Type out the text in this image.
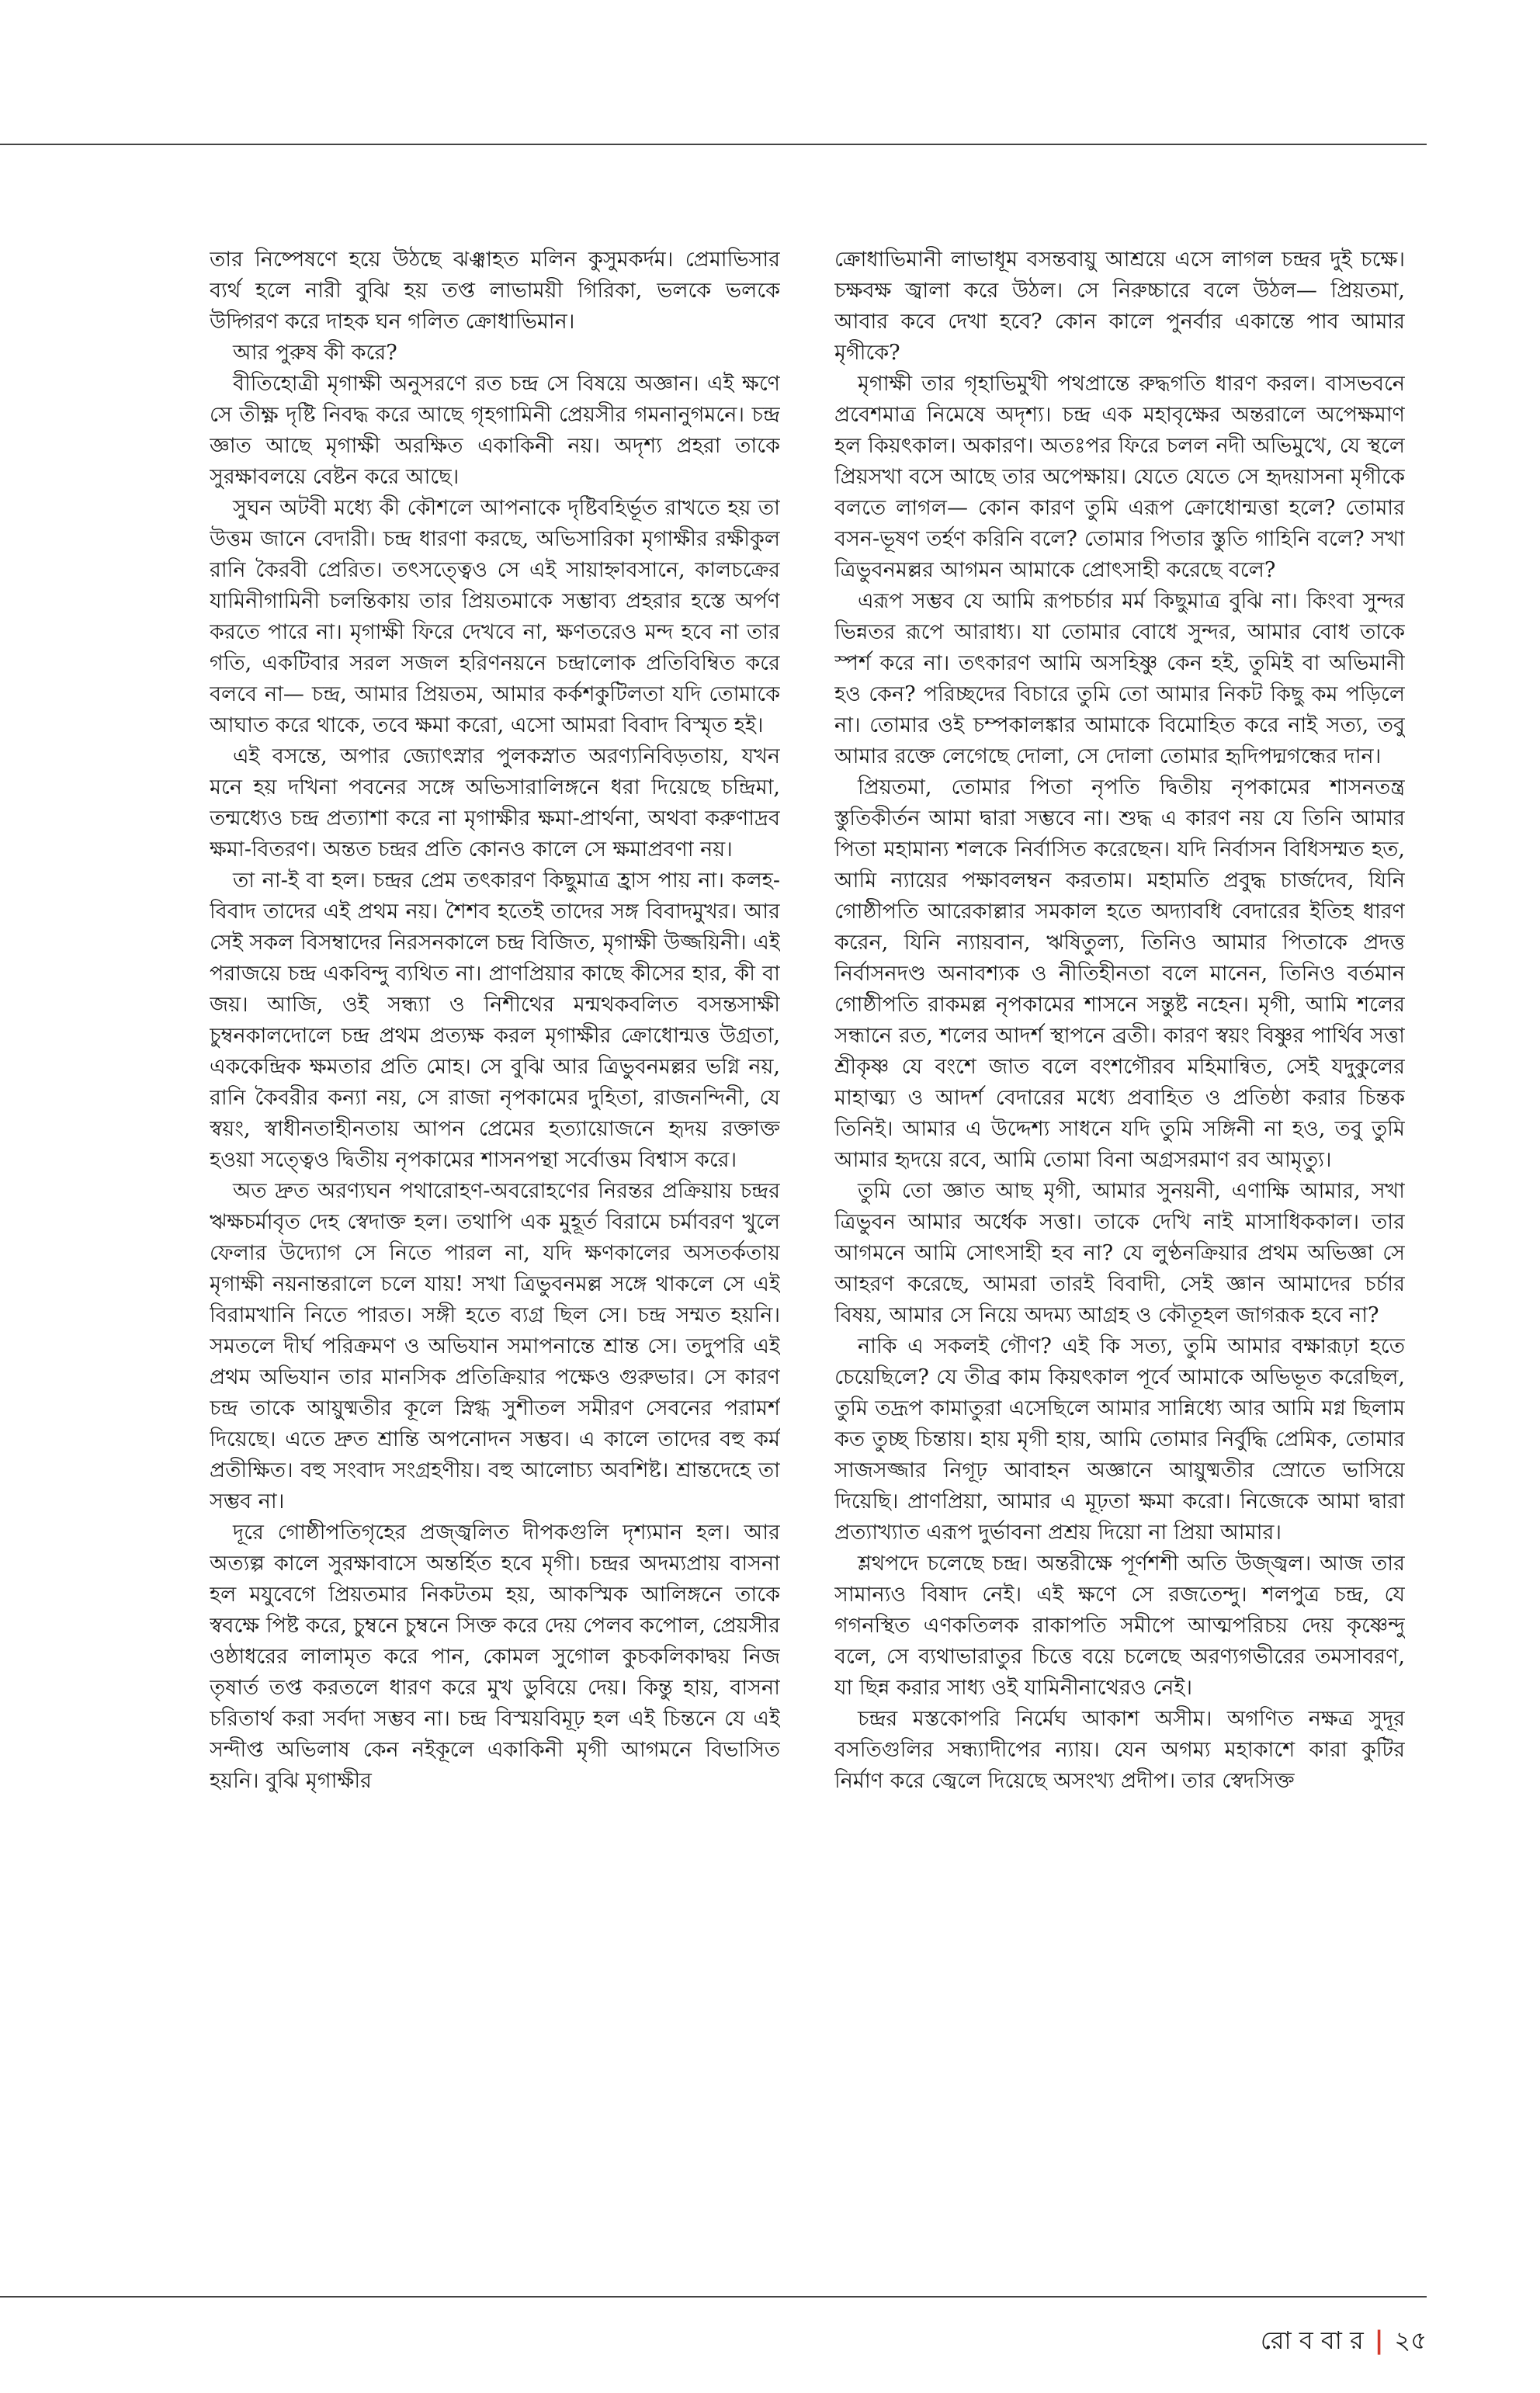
তার নিষ্পেষণে হয়ে উঠছে ঝঞ্ঝাহত মলিন কুসুমকর্দম। প্রেমাভিসার ব্যর্থ হলে নারী বুঝি হয় তপ্ত লাভাময়ী গিরিকা, ভলকে ভলকে উদ্গিরণ করে দাহক ঘন গলিত ক্রোধাভিমান।

আর পুরুষ কী করে?

বীতিহোত্রী মৃগাক্ষী অনুসরণে রত চন্দ্র সে বিষয়ে অজ্ঞান। এই ক্ষণে সে তীক্ষ্ণ দৃষ্টি নিবদ্ধ করে আছে গৃহগামিনী প্রেয়সীর গমনানুগমনে। চন্দ্র জ্ঞাত আছে মৃগাক্ষী অরক্ষিত একাকিনী নয়। অদৃশ্য প্রহরা তাকে সুরক্ষাবলয়ে বেষ্টন করে আছে।

সুঘন অটবী মধ্যে কী কৌশলে আপনাকে দৃষ্টিবহির্ভূত রাখতে হয় তা উত্তম জানে বেদারী। চন্দ্র ধারণা করছে, অভিসারিকা মৃগাক্ষীর রক্ষীকুল রানি কৈরবী প্রেরিত। তৎসত্ত্বেও সে এই সায়াহ্নাবসানে, কালচক্রের যামিনীগামিনী চলন্তিকায় তার প্রিয়তমাকে সম্ভাব্য প্রহরার হস্তে অর্পণ করতে পারে না। মৃগাক্ষী ফিরে দেখবে না, ক্ষণতরেও মন্দ হবে না তার গতি, একটিবার সরল সজল হরিণনয়নে চন্দ্রালোক প্রতিবিম্বিত করে বলবে না— চন্দ্র, আমার প্রিয়তম, আমার কর্কশকুটিলতা যদি তোমাকে আঘাত করে থাকে, তবে ক্ষমা করো, এসো আমরা বিবাদ বিস্মৃত হই।

এই বসন্তে, অপার জ্যোৎস্নার পুলকস্নাত অরণ্যনিবিড়তায়, যখন মনে হয় দখিনা পবনের সঙ্গে অভিসারালিঙ্গনে ধরা দিয়েছে চন্দ্রিমা, তন্মধ্যেও চন্দ্র প্রত্যাশা করে না মৃগাক্ষীর ক্ষমা-প্রার্থনা, অথবা করুণাদ্রব ক্ষমা-বিতরণ। অন্তত চন্দ্রর প্রতি কোনও কালে সে ক্ষমাপ্রবণা নয়।

তা না-ই বা হল। চন্দ্রর প্রেম তৎকারণ কিছুমাত্র হ্রাস পায় না। কলহ-বিবাদ তাদের এই প্রথম নয়। শৈশব হতেই তাদের সঙ্গ বিবাদমুখর। আর সেই সকল বিসম্বাদের নিরসনকালে চন্দ্র বিজিত, মৃগাক্ষী উজ্জয়িনী। এই পরাজয়ে চন্দ্র একবিন্দু ব্যথিত না। প্রাণপ্রিয়ার কাছে কীসের হার, কী বা জয়। আজি, ওই সন্ধ্যা ও নিশীথের মন্মথকবলিত বসন্তসাক্ষী চুম্বনকালদোলে চন্দ্র প্রথম প্রত্যক্ষ করল মৃগাক্ষীর ক্রোধোন্মত্ত উগ্রতা, এককেন্দ্রিক ক্ষমতার প্রতি মোহ। সে বুঝি আর ত্রিভুবনমল্লর ভগ্নি নয়, রানি কৈবরীর কন্যা নয়, সে রাজা নৃপকামের দুহিতা, রাজনন্দিনী, যে স্বয়ং, স্বাধীনতাহীনতায় আপন প্রেমের হত্যায়োজনে হৃদয় রক্তাক্ত হওয়া সত্ত্বেও দ্বিতীয় নৃপকামের শাসনপন্থা সর্বোত্তম বিশ্বাস করে।

অত দ্রুত অরণ্যঘন পথারোহণ-অবরোহণের নিরন্তর প্রক্রিয়ায় চন্দ্রর ঋক্ষচর্মাবৃত দেহ স্বেদাক্ত হল। তথাপি এক মুহূর্ত বিরামে চর্মাবরণ খুলে ফেলার উদ্যোগ সে নিতে পারল না, যদি ক্ষণকালের অসতর্কতায় মৃগাক্ষী নয়নান্তরালে চলে যায়! সখা ত্রিভুবনমল্ল সঙ্গে থাকলে সে এই বিরামখানি নিতে পারত। সঙ্গী হতে ব্যগ্র ছিল সে। চন্দ্র সম্মত হয়নি। সমতলে দীর্ঘ পরিক্রমণ ও অভিযান সমাপনান্তে শ্রান্ত সে। তদুপরি এই প্রথম অভিযান তার মানসিক প্রতিক্রিয়ার পক্ষেও গুরুভার। সে কারণ চন্দ্র তাকে আয়ুষ্মতীর কূলে স্নিগ্ধ সুশীতল সমীরণ সেবনের পরামর্শ দিয়েছে। এতে দ্রুত শ্রান্তি অপনোদন সম্ভব। এ কালে তাদের বহু কর্ম প্রতীক্ষিত। বহু সংবাদ সংগ্রহণীয়। বহু আলোচ্য অবশিষ্ট। শ্রান্তদেহে তা সম্ভব না।

দূরে গোষ্ঠীপতিগৃহের প্রজ্জ্বলিত দীপকগুলি দৃশ্যমান হল। আর অত্যল্প কালে সুরক্ষাবাসে অন্তর্হিত হবে মৃগী। চন্দ্রর অদম্যপ্রায় বাসনা হল মযুবেগে প্রিয়তমার নিকটতম হয়, আকস্মিক আলিঙ্গনে তাকে স্ববক্ষে পিষ্ট করে, চুম্বনে চুম্বনে সিক্ত করে দেয় পেলব কপোল, প্রেয়সীর ওষ্ঠাধরের লালামৃত করে পান, কোমল সুগোল কুচকলিকাদ্বয় নিজ তৃষার্ত তপ্ত করতলে ধারণ করে মুখ ডুবিয়ে দেয়। কিন্তু হায়, বাসনা চরিতার্থ করা সর্বদা সম্ভব না। চন্দ্র বিস্ময়বিমূঢ় হল এই চিন্তনে যে এই সন্দীপ্ত অভিলাষ কেন নইকূলে একাকিনী মৃগী আগমনে বিভাসিত হয়নি। বুঝি মৃগাক্ষীর

ক্রোধাভিমানী লাভাধূম বসন্তবায়ু আশ্রয়ে এসে লাগল চন্দ্রর দুই চক্ষে। চক্ষবক্ষ জ্বালা করে উঠল। সে নিরুচ্চারে বলে উঠল— প্রিয়তমা, আবার কবে দেখা হবে? কোন কালে পুনর্বার একান্তে পাব আমার মৃগীকে?

মৃগাক্ষী তার গৃহাভিমুখী পথপ্রান্তে রুদ্ধগতি ধারণ করল। বাসভবনে প্রবেশমাত্র নিমেষে অদৃশ্য। চন্দ্র এক মহাবৃক্ষের অন্তরালে অপেক্ষমাণ হল কিয়ৎকাল। অকারণ। অতঃপর ফিরে চলল নদী অভিমুখে, যে স্থলে প্রিয়সখা বসে আছে তার অপেক্ষায়। যেতে যেতে সে হৃদয়াসনা মৃগীকে বলতে লাগল— কোন কারণ তুমি এরূপ ক্রোধোন্মত্তা হলে? তোমার বসন-ভূষণ তর্হণ করিনি বলে? তোমার পিতার স্তুতি গাহিনি বলে? সখা ত্রিভুবনমল্লর আগমন আমাকে প্রোৎসাহী করেছে বলে?

এরূপ সম্ভব যে আমি রূপচর্চার মর্ম কিছুমাত্র বুঝি না। কিংবা সুন্দর ভিন্নতর রূপে আরাধ্য। যা তোমার বোধে সুন্দর, আমার বোধ তাকে স্পর্শ করে না। তৎকারণ আমি অসহিষ্ণু কেন হই, তুমিই বা অভিমানী হও কেন? পরিচ্ছদের বিচারে তুমি তো আমার নিকট কিছু কম পড়িলে না। তোমার ওই চম্পকালঙ্কার আমাকে বিমোহিত করে নাই সত্য, তবু আমার রক্তে লেগেছে দোলা, সে দোলা তোমার হৃদিপদ্মগন্ধের দান।

প্রিয়তমা, তোমার পিতা নৃপতি দ্বিতীয় নৃপকামের শাসনতন্ত্র স্তুতিকীর্তন আমা দ্বারা সম্ভবে না। শুদ্ধ এ কারণ নয় যে তিনি আমার পিতা মহামান্য শলকে নির্বাসিত করেছেন। যদি নির্বাসন বিধিসম্মত হত, আমি ন্যায়ের পক্ষাবলম্বন করতাম। মহামতি প্রবুদ্ধ চার্জদেব, যিনি গোষ্ঠীপতি আরেকাল্লার সমকাল হতে অদ্যাবধি বেদারের ইতিহ ধারণ করেন, যিনি ন্যায়বান, ঋষিতুল্য, তিনিও আমার পিতাকে প্রদত্ত নির্বাসনদণ্ড অনাবশ্যক ও নীতিহীনতা বলে মানেন, তিনিও বর্তমান গোষ্ঠীপতি রাকমল্ল নৃপকামের শাসনে সন্তুষ্ট নহেন। মৃগী, আমি শলের সন্ধানে রত, শলের আদর্শ স্থাপনে ব্রতী। কারণ স্বয়ং বিষ্ণুর পার্থিব সত্তা শ্রীকৃষ্ণ যে বংশে জাত বলে বংশগৌরব মহিমান্বিত, সেই যদুকুলের মাহাত্ম্য ও আদর্শ বেদারের মধ্যে প্রবাহিত ও প্রতিষ্ঠা করার চিন্তক তিনিই। আমার এ উদ্দেশ্য সাধনে যদি তুমি সঙ্গিনী না হও, তবু তুমি আমার হৃদয়ে রবে, আমি তোমা বিনা অগ্রসরমাণ রব আমৃত্যু।

তুমি তো জ্ঞাত আছ মৃগী, আমার সুনয়নী, এণাক্ষি আমার, সখা ত্রিভুবন আমার অর্ধেক সত্তা। তাকে দেখি নাই মাসাধিককাল। তার আগমনে আমি সোৎসাহী হব না? যে লুণ্ঠনক্রিয়ার প্রথম অভিজ্ঞা সে আহরণ করেছে, আমরা তারই বিবাদী, সেই জ্ঞান আমাদের চর্চার বিষয়, আমার সে নিয়ে অদম্য আগ্রহ ও কৌতূহল জাগরূক হবে না?

নাকি এ সকলই গৌণ? এই কি সত্য, তুমি আমার বক্ষারূঢ়া হতে চেয়েছিলে? যে তীব্র কাম কিয়ৎকাল পূর্বে আমাকে অভিভূত করেছিল, তুমি তদ্রূপ কামাতুরা এসেছিলে আমার সান্নিধ্যে আর আমি মগ্ন ছিলাম কত তুচ্ছ চিন্তায়। হায় মৃগী হায়, আমি তোমার নির্বুদ্ধি প্রেমিক, তোমার সাজসজ্জার নিগূঢ় আবাহন অজ্ঞানে আয়ুষ্মতীর স্রোতে ভাসিয়ে দিয়েছি। প্রাণপ্রিয়া, আমার এ মূঢ়তা ক্ষমা করো। নিজেকে আমা দ্বারা প্রত্যাখ্যাত এরূপ দুর্ভাবনা প্রশ্রয় দিয়ো না প্রিয়া আমার।

শ্লথপদে চলেছে চন্দ্র। অন্তরীক্ষে পূর্ণশশী অতি উজ্জ্বল। আজ তার সামান্যও বিষাদ নেই। এই ক্ষণে সে রজতেন্দু। শলপুত্র চন্দ্র, যে গগনস্থিত এণকতিলক রাকাপতি সমীপে আত্মপরিচয় দেয় কৃষ্ণেন্দু বলে, সে ব্যথাভারাতুর চিত্তে বয়ে চলেছে অরণ্যগভীরের তমসাবরণ, যা ছিন্ন করার সাধ্য ওই যামিনীনাথেরও নেই।

চন্দ্রর মস্তকোপরি নির্মেঘ আকাশ অসীম। অগণিত নক্ষত্র সুদূর বসতিগুলির সন্ধ্যাদীপের ন্যায়। যেন অগম্য মহাকাশে কারা কুটির নির্মাণ করে জ্বেলে দিয়েছে অসংখ্য প্রদীপ। তার স্বেদসিক্ত

রো ব বা র | ২৫
